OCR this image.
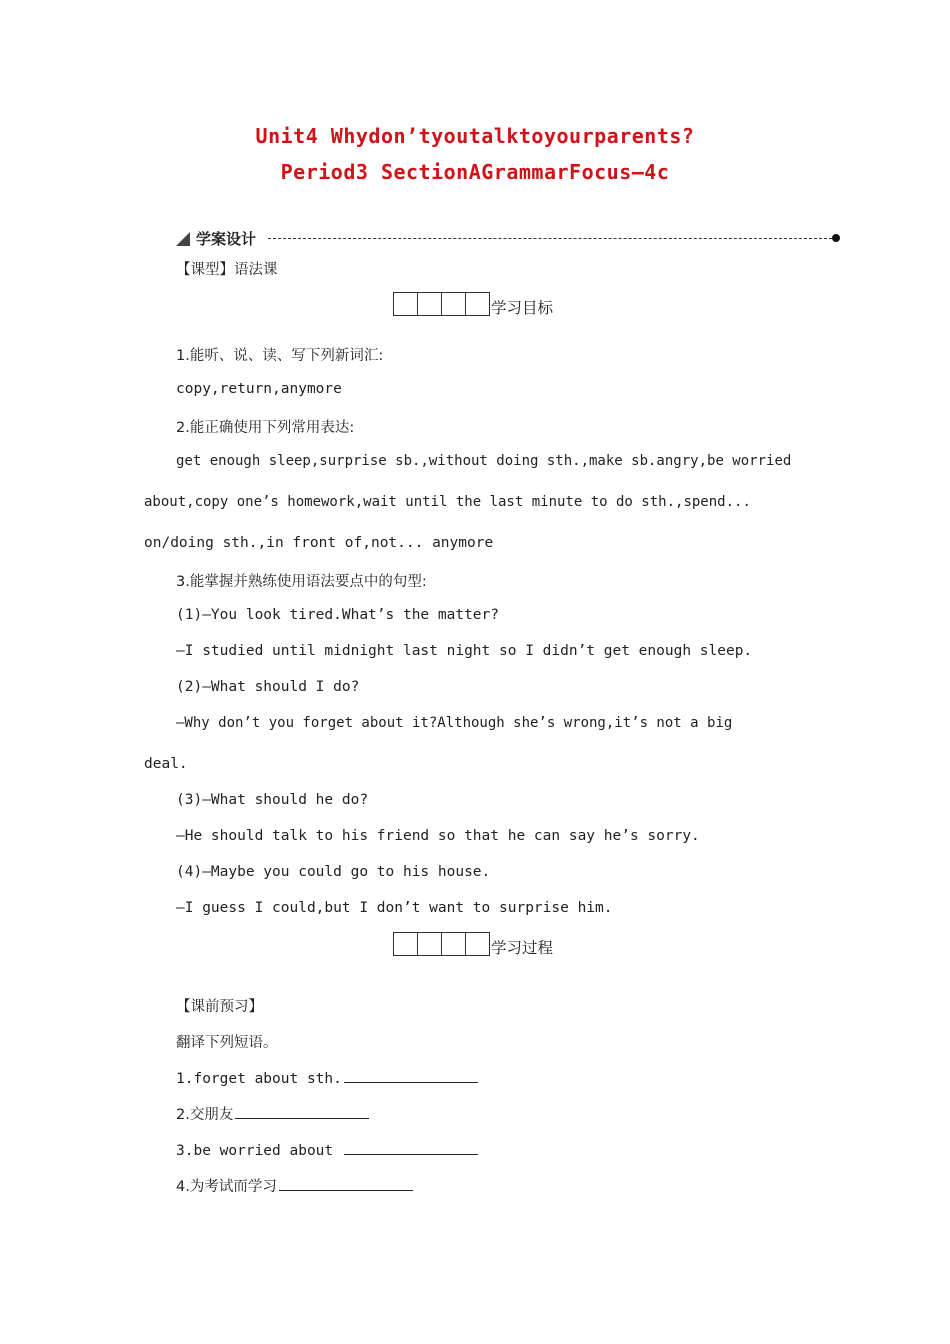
Unit4 Whydon’tyoutalktoyourparents?
Period3 SectionAGrammarFocus—4c
学案设计
【课型】语法课
学习目标
1.能听、说、读、写下列新词汇:
copy,return,anymore
2.能正确使用下列常用表达:
get enough sleep,surprise sb.,without doing sth.,make sb.angry,be worried
about,copy one’s homework,wait until the last minute to do sth.,spend...
on/doing sth.,in front of,not... anymore
3.能掌握并熟练使用语法要点中的句型:
(1)—You look tired.What’s the matter?
—I studied until midnight last night so I didn’t get enough sleep.
(2)—What should I do?
—Why don’t you forget about it?Although she’s wrong,it’s not a big
deal.
(3)—What should he do?
—He should talk to his friend so that he can say he’s sorry.
(4)—Maybe you could go to his house.
—I guess I could,but I don’t want to surprise him.
学习过程
【课前预习】
翻译下列短语。
1.forget about sth.
2.交朋友
3.be worried about
4.为考试而学习
